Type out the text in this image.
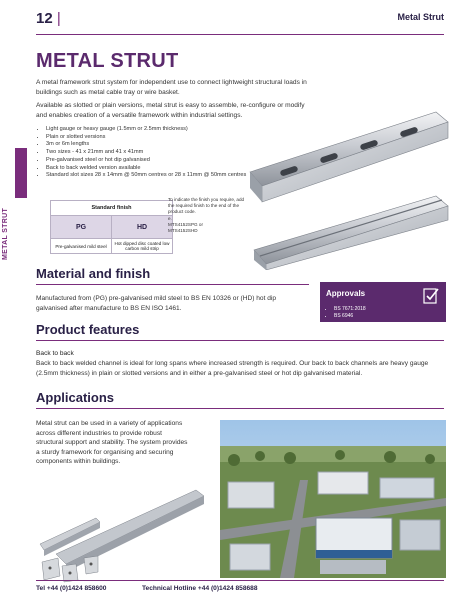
12 |	Metal Strut
METAL STRUT
METAL STRUT
A metal framework strut system for independent use to connect lightweight structural loads in buildings such as metal cable tray or wire basket.
Available as slotted or plain versions, metal strut is easy to assemble, re-configure or modify and enables creation of a versatile framework within industrial settings.
• Light gauge or heavy gauge (1.5mm or 2.5mm thickness)
• Plain or slotted versions
• 3m or 6m lengths
• Two sizes - 41 x 21mm and 41 x 41mm
• Pre-galvanised steel or hot dip galvanised
• Back to back welded version available
• Standard slot sizes 28 x 14mm @ 50mm centres or 28 x 11mm @ 50mm centres
Standard finish	
PG	HD
Pre-galvanised mild steel	Hot dipped disc coated low carbon mild strip
To indicate the finish you require, add the required finish to the end of the product code.
e.
MTS4152SPG or
MTS4152SHD
Material and finish
Manufactured from (PG) pre-galvanised mild steel to BS EN 10326 or (HD) hot dip galvanised after manufacture to BS EN ISO 1461.
Approvals
• BS 7671:2018
• BS 6946
Product features
Back to back
Back to back welded channel is ideal for long spans where increased strength is required. Our back to back channels are heavy gauge (2.5mm thickness) in plain or slotted versions and in either a pre-galvanised steel or hot dip galvanised material.
Applications
Metal strut can be used in a variety of applications across different industries to provide robust structural support and stability. The system provides a sturdy framework for organising and securing components within buildings.
Tel +44 (0)1424 858600	Technical Hotline +44 (0)1424 858688
